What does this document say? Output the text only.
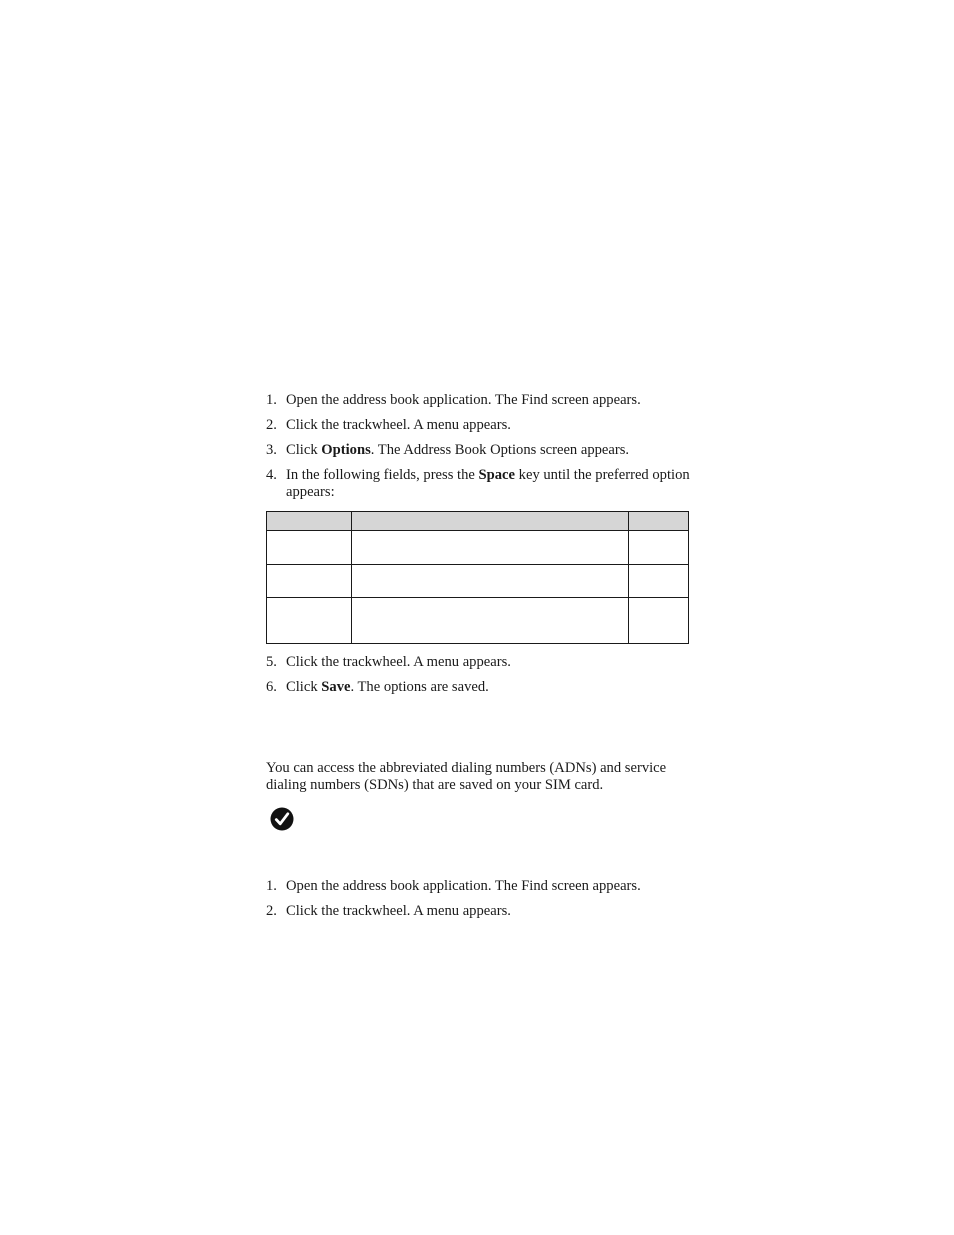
1. Open the address book application. The Find screen appears.
2. Click the trackwheel. A menu appears.
3. Click Options. The Address Book Options screen appears.
4. In the following fields, press the Space key until the preferred option appears:

5. Click the trackwheel. A menu appears.
6. Click Save. The options are saved.
You can access the abbreviated dialing numbers (ADNs) and service dialing numbers (SDNs) that are saved on your SIM card.
1. Open the address book application. The Find screen appears.
2. Click the trackwheel. A menu appears.
